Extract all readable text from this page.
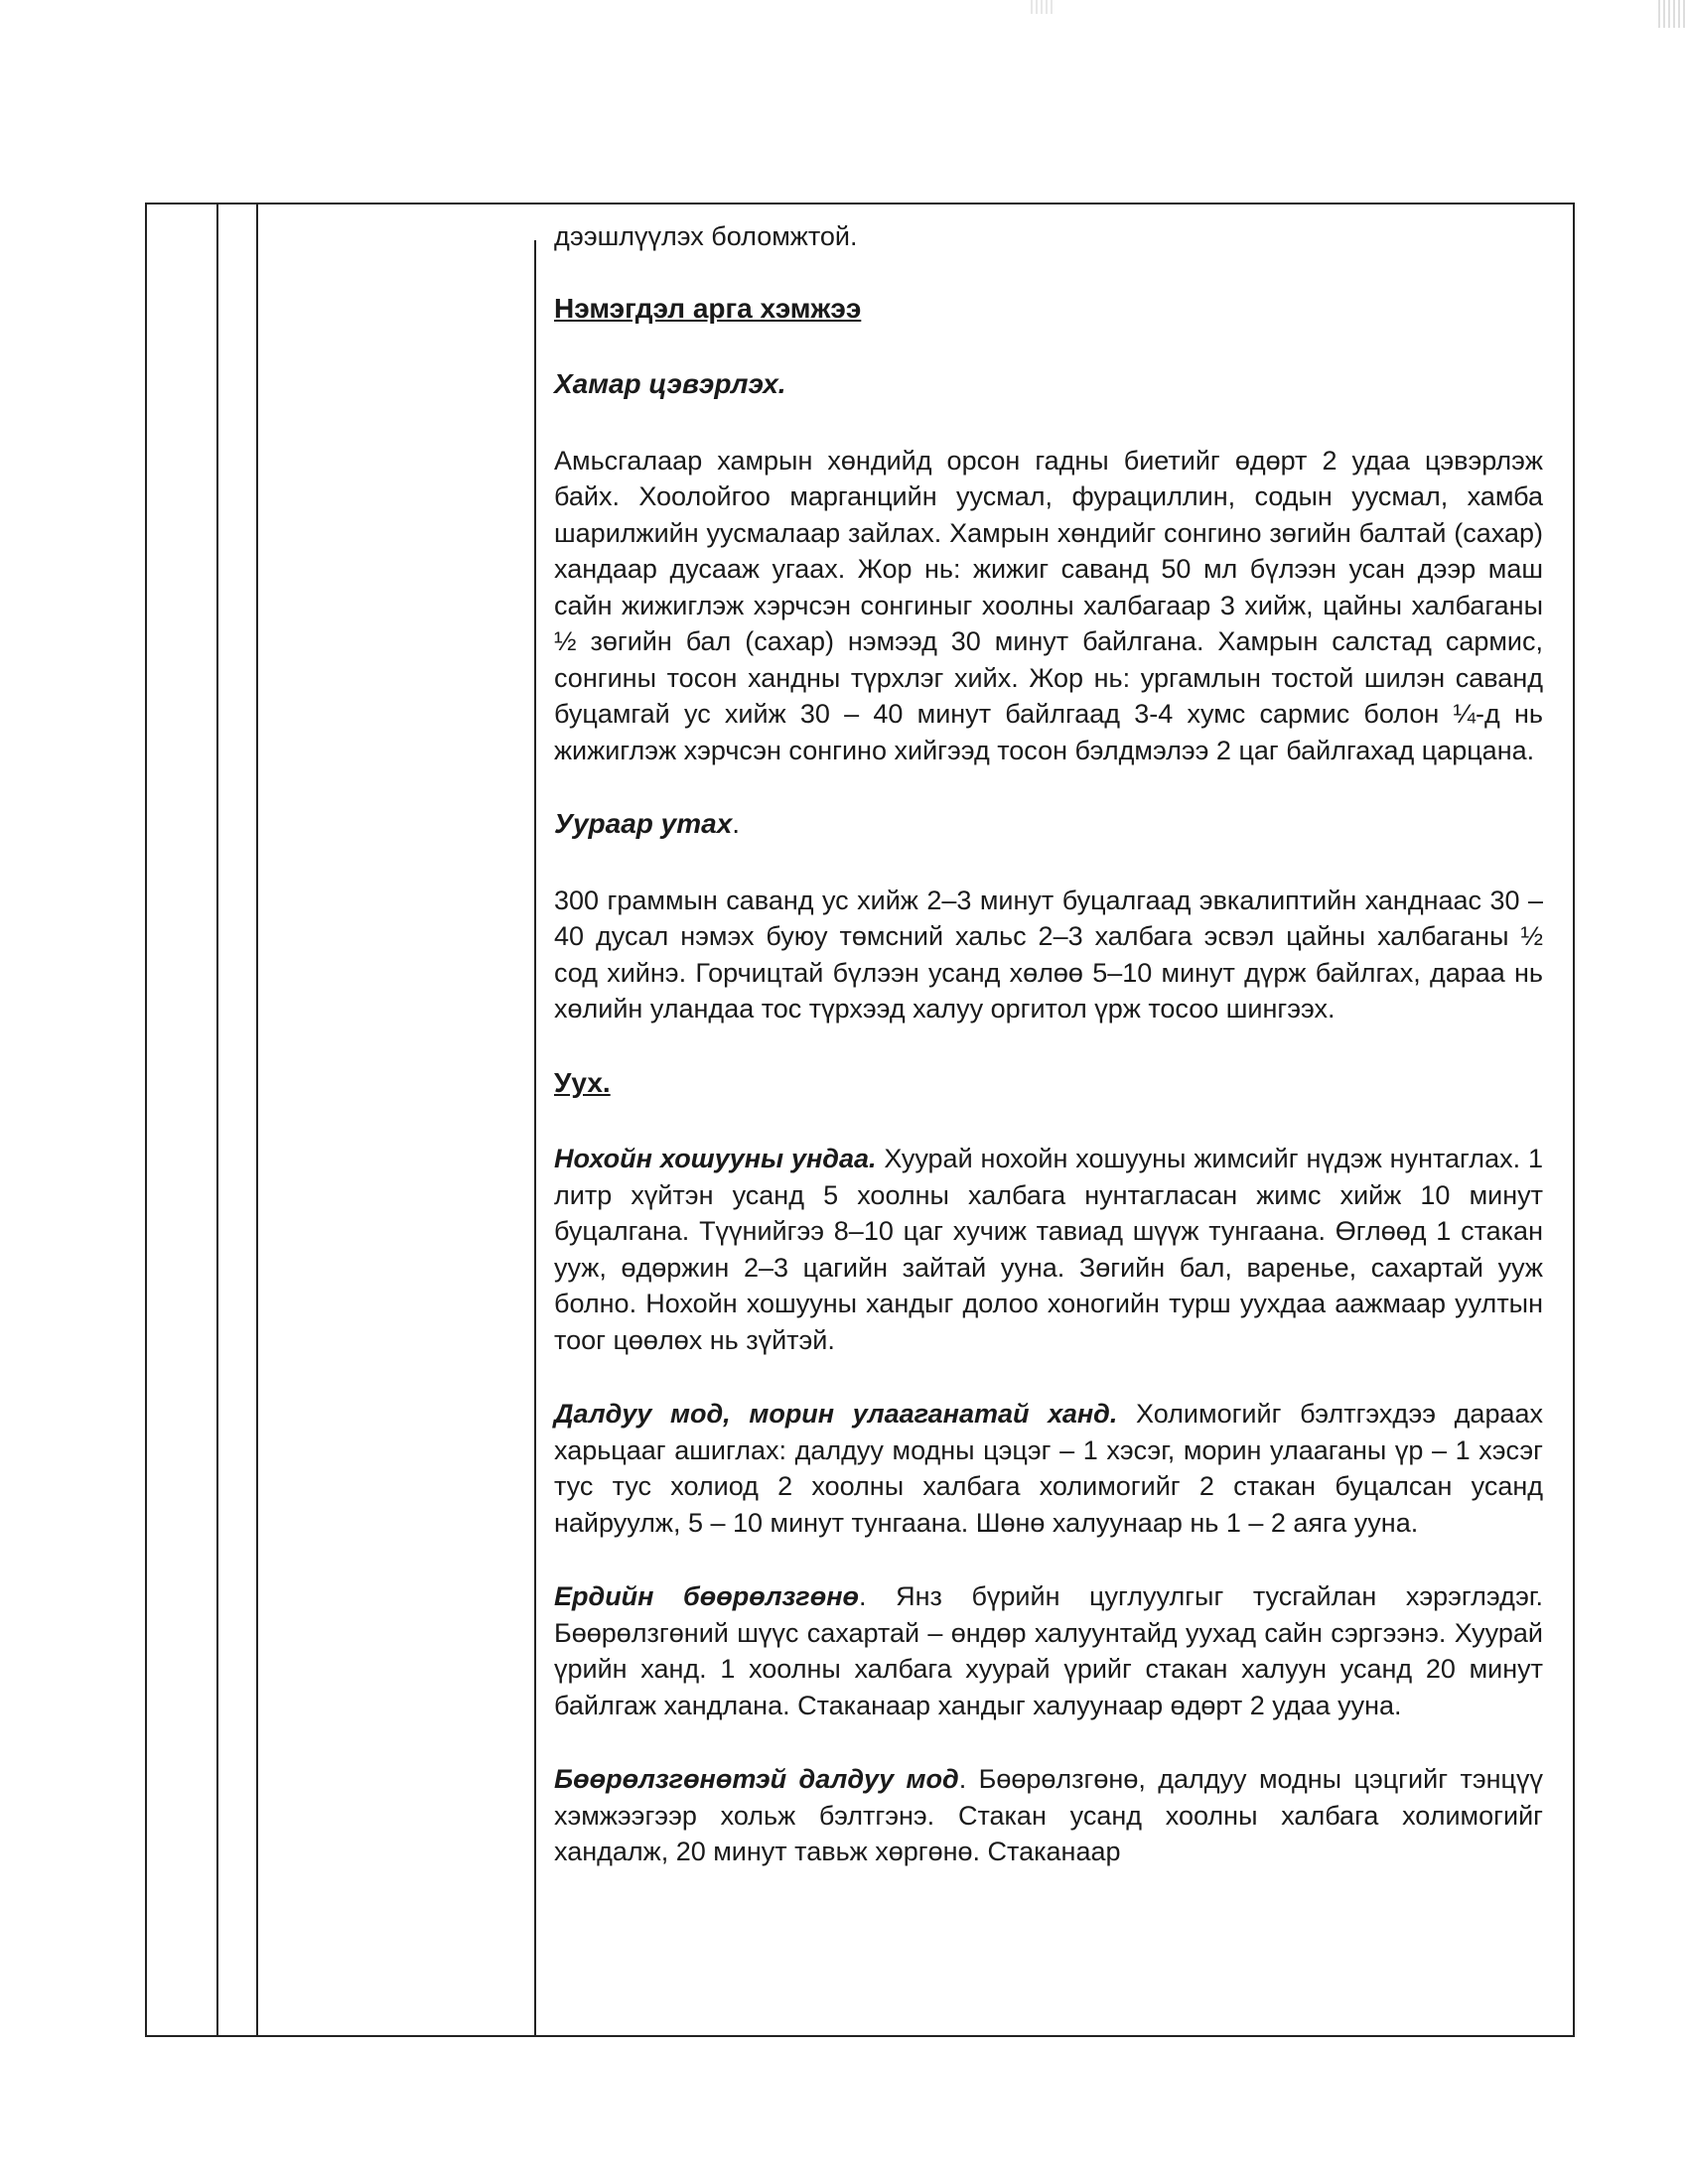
дээшлүүлэх боломжтой.

Нэмэгдэл арга хэмжээ

Хамар цэвэрлэх.

Амьсгалаар хамрын хөндийд орсон гадны биетийг өдөрт 2 удаа цэвэрлэж байх. Хоолойгоо марганцийн уусмал, фурациллин, содын уусмал, хамба шарилжийн уусмалаар зайлах. Хамрын хөндийг сонгино зөгийн балтай (сахар) хандаар дусааж угаах. Жор нь: жижиг саванд 50 мл бүлээн усан дээр маш сайн жижиглэж хэрчсэн сонгиныг хоолны халбагаар 3 хийж, цайны халбаганы ½ зөгийн бал (сахар) нэмээд 30 минут байлгана. Хамрын салстад сармис, сонгины тосон хандны түрхлэг хийх. Жор нь: ургамлын тостой шилэн саванд буцамгай ус хийж 30 – 40 минут байлгаад 3-4 хумс сармис болон ¼-д нь жижиглэж хэрчсэн сонгино хийгээд тосон бэлдмэлээ 2 цаг байлгахад царцана.

Уураар утах.

300 граммын саванд ус хийж 2–3 минут буцалгаад эвкалиптийн ханднаас 30 – 40 дусал нэмэх буюу төмсний хальс 2–3 халбага эсвэл цайны халбаганы ½ сод хийнэ. Горчицтай бүлээн усанд хөлөө 5–10 минут дүрж байлгах, дараа нь хөлийн уландаа тос түрхээд халуу оргитол үрж тосоо шингээх.

Уух.

Нохойн хошууны ундаа. Хуурай нохойн хошууны жимсийг нүдэж нунтаглах. 1 литр хүйтэн усанд 5 хоолны халбага нунтагласан жимс хийж 10 минут буцалгана. Түүнийгээ 8–10 цаг хучиж тавиад шүүж тунгаана. Өглөөд 1 стакан ууж, өдөржин 2–3 цагийн зайтай ууна. Зөгийн бал, варенье, сахартай ууж болно. Нохойн хошууны хандыг долоо хоногийн турш уухдаа аажмаар уултын тоог цөөлөх нь зүйтэй.

Далдуу мод, морин улааганатай ханд. Холимогийг бэлтгэхдээ дараах харьцааг ашиглах: далдуу модны цэцэг – 1 хэсэг, морин улааганы үр – 1 хэсэг тус тус холиод 2 хоолны халбага холимогийг 2 стакан буцалсан усанд найруулж, 5 – 10 минут тунгаана. Шөнө халуунаар нь 1 – 2 аяга ууна.

Ердийн бөөрөлзгөнө. Янз бүрийн цуглуулгыг тусгайлан хэрэглэдэг. Бөөрөлзгөний шүүс сахартай – өндөр халуунтайд уухад сайн сэргээнэ. Хуурай үрийн ханд. 1 хоолны халбага хуурай үрийг стакан халуун усанд 20 минут байлгаж хандлана. Стаканаар хандыг халуунаар өдөрт 2 удаа ууна.

Бөөрөлзгөнөтэй далдуу мод. Бөөрөлзгөнө, далдуу модны цэцгийг тэнцүү хэмжээгээр хольж бэлтгэнэ. Стакан усанд хоолны халбага холимогийг хандалж, 20 минут тавьж хөргөнө. Стаканаар
